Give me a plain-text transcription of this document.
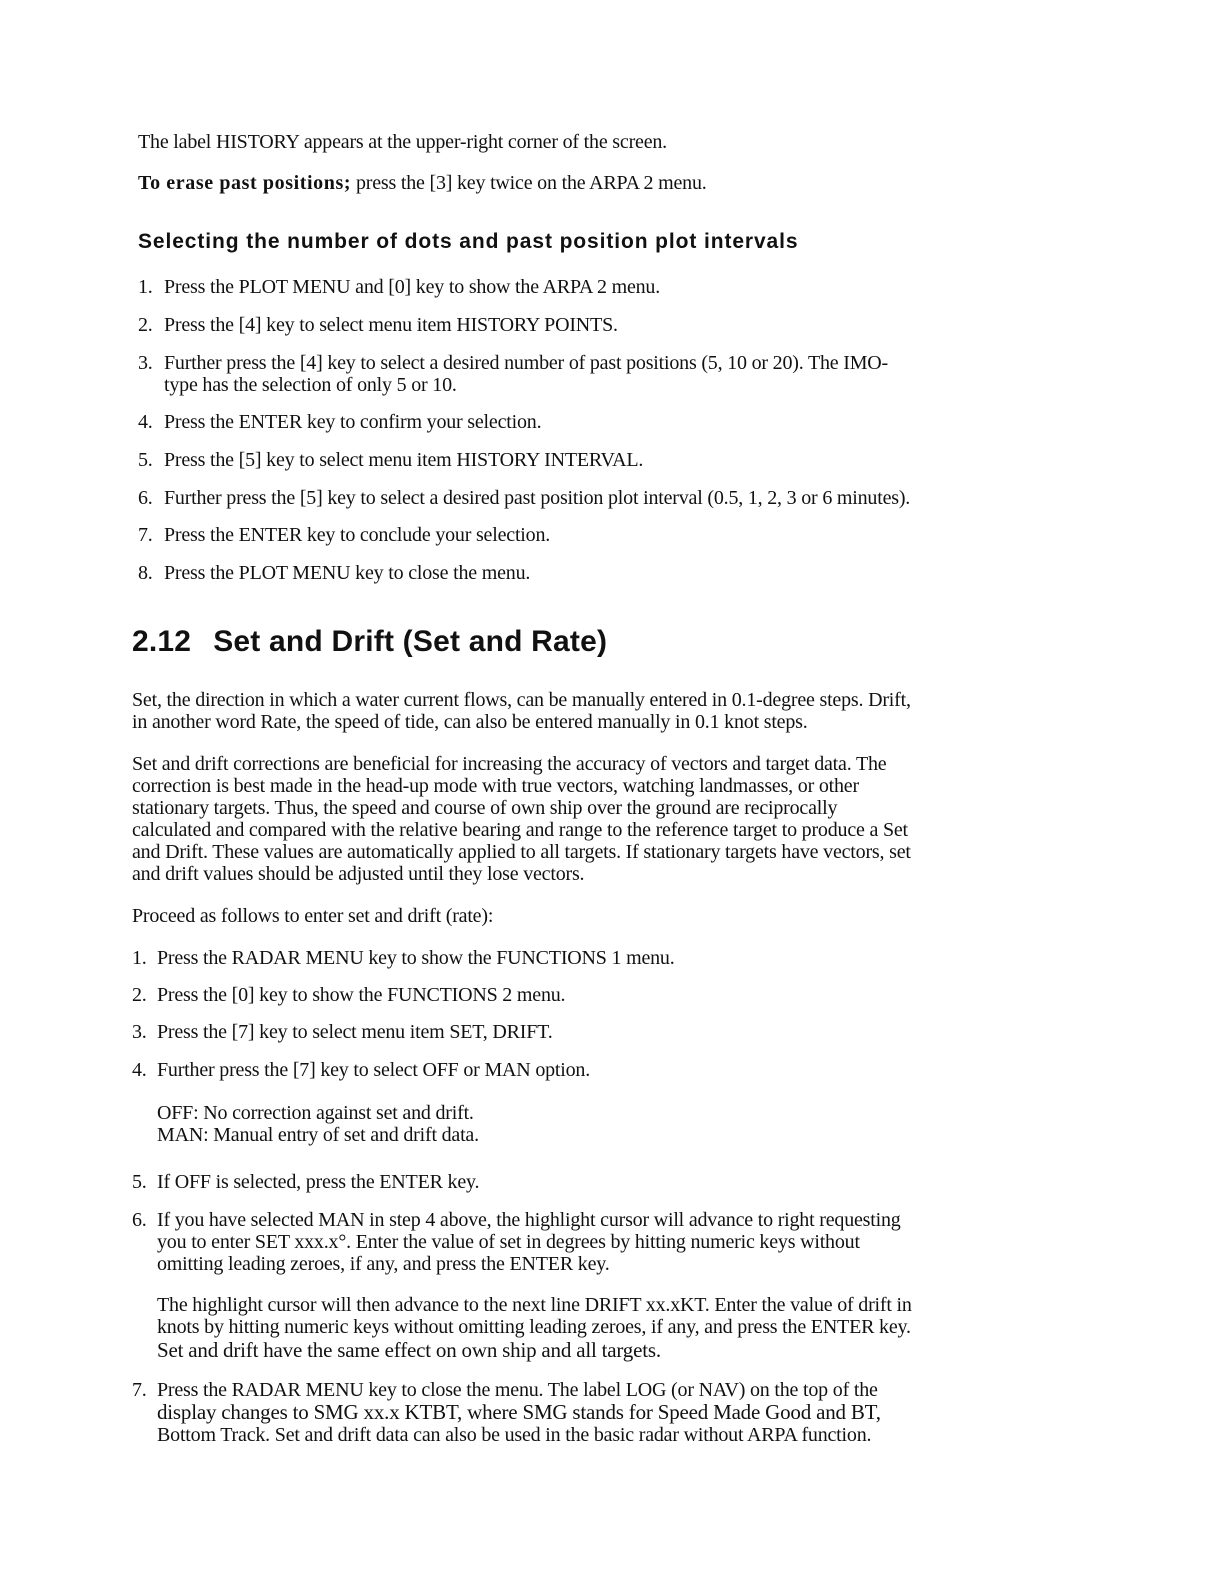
The label HISTORY appears at the upper-right corner of the screen.

To erase past positions; press the [3] key twice on the ARPA 2 menu.

Selecting the number of dots and past position plot intervals
1. Press the PLOT MENU and [0] key to show the ARPA 2 menu.
2. Press the [4] key to select menu item HISTORY POINTS.
3. Further press the [4] key to select a desired number of past positions (5, 10 or 20). The IMO-
type has the selection of only 5 or 10.
4. Press the ENTER key to confirm your selection.
5. Press the [5] key to select menu item HISTORY INTERVAL.
6. Further press the [5] key to select a desired past position plot interval (0.5, 1, 2, 3 or 6 minutes).
7. Press the ENTER key to conclude your selection.
8. Press the PLOT MENU key to close the menu.
2.12 Set and Drift (Set and Rate)

Set, the direction in which a water current flows, can be manually entered in 0.1-degree steps. Drift,

in another word Rate, the speed of tide, can also be entered manually in 0.1 knot steps.

Set and drift corrections are beneficial for increasing the accuracy of vectors and target data. The

correction is best made in the head-up mode with true vectors, watching landmasses, or other

stationary targets. Thus, the speed and course of own ship over the ground are reciprocally

calculated and compared with the relative bearing and range to the reference target to produce a Set

and Drift. These values are automatically applied to all targets. If stationary targets have vectors, set

and drift values should be adjusted until they lose vectors.

Proceed as follows to enter set and drift (rate):

1. Press the RADAR MENU key to show the FUNCTIONS 1 menu.
2. Press the [0] key to show the FUNCTIONS 2 menu.
3. Press the [7] key to select menu item SET, DRIFT.
4. Further press the [7] key to select OFF or MAN option.
OFF: No correction against set and drift.
MAN: Manual entry of set and drift data.
5. If OFF is selected, press the ENTER key.
6. If you have selected MAN in step 4 above, the highlight cursor will advance to right requesting
you to enter SET xxx.x°. Enter the value of set in degrees by hitting numeric keys without
omitting leading zeroes, if any, and press the ENTER key.
The highlight cursor will then advance to the next line DRIFT xx.xKT. Enter the value of drift in
knots by hitting numeric keys without omitting leading zeroes, if any, and press the ENTER key.
Set and drift have the same effect on own ship and all targets.
7. Press the RADAR MENU key to close the menu. The label LOG (or NAV) on the top of the
display changes to SMG xx.x KTBT, where SMG stands for Speed Made Good and BT,
Bottom Track. Set and drift data can also be used in the basic radar without ARPA function.
